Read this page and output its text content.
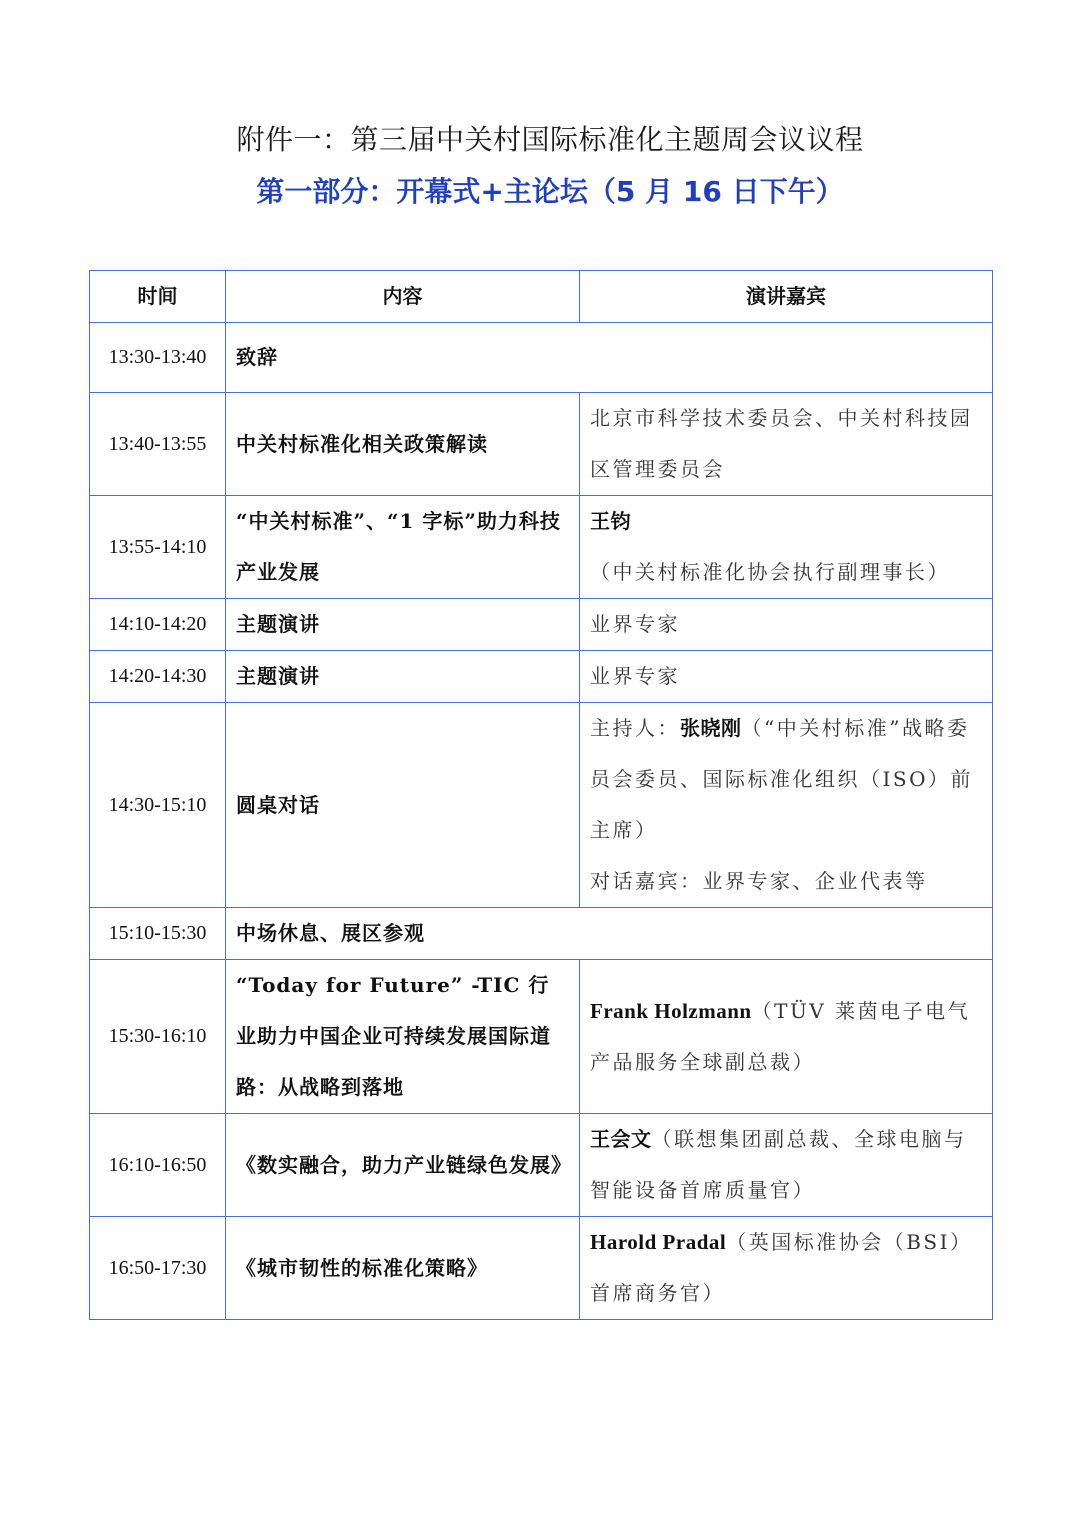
附件一：第三届中关村国际标准化主题周会议议程
第一部分：开幕式+主论坛（5 月 16 日下午）
时间	内容	演讲嘉宾
13:30-13:40	致辞	
13:40-13:55	中关村标准化相关政策解读	北京市科学技术委员会、中关村科技园区管理委员会
13:55-14:10	“中关村标准”、“1 字标”助力科技产业发展	王钧（中关村标准化协会执行副理事长）
14:10-14:20	主题演讲	业界专家
14:20-14:30	主题演讲	业界专家
14:30-15:10	圆桌对话	主持人：张晓刚（“中关村标准”战略委员会委员、国际标准化组织（ISO）前主席）
对话嘉宾：业界专家、企业代表等
15:10-15:30	中场休息、展区参观	
15:30-16:10	“Today for Future” -TIC 行业助力中国企业可持续发展国际道路：从战略到落地	Frank Holzmann（TÜV 莱茵电子电气产品服务全球副总裁）
16:10-16:50	《数实融合，助力产业链绿色发展》	王会文（联想集团副总裁、全球电脑与智能设备首席质量官）
16:50-17:30	《城市韧性的标准化策略》	Harold Pradal（英国标准协会（BSI）首席商务官）
